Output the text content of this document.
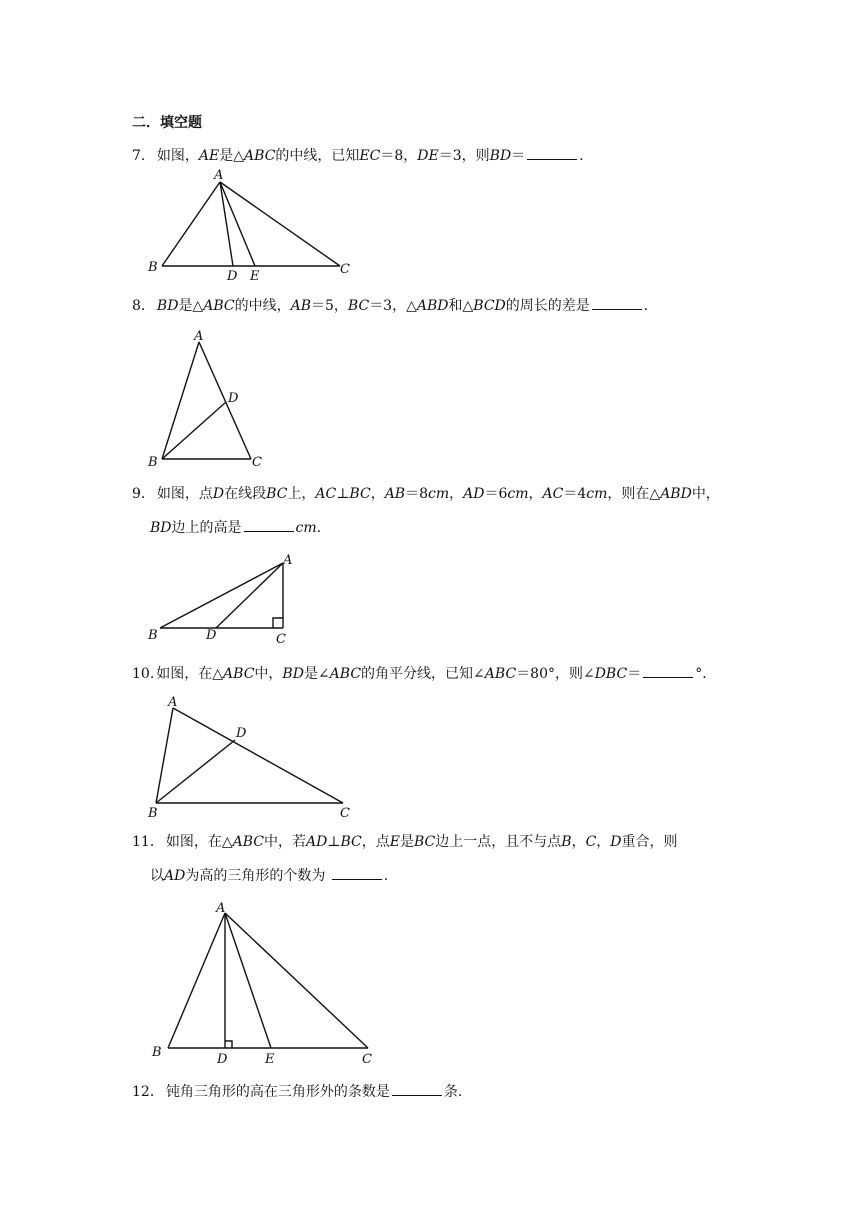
二．填空题
7． 如图，AE是△ABC的中线，已知EC＝8，DE＝3，则BD＝	.
A
B	C
D E
8． BD是△ABC的中线，AB＝5，BC＝3，△ABD和△BCD的周长的差是	.
A
B	C
D
9． 如图，点D在线段BC上，AC⊥BC，AB＝8cm，AD＝6cm，AC＝4cm，则在△ABD中，
BD边上的高是	cm.
A
B	C
D
10. 如图，在△ABC中，BD是∠ABC的角平分线，已知∠ABC＝80°，则∠DBC＝	°．
A
B	C
D
11． 如图，在△ABC中，若AD⊥BC，点E是BC边上一点，且不与点B，C，D重合，则
以AD为高的三角形的个数为	.
A
B	C
D	E
12． 钝角三角形的高在三角形外的条数是	条.
